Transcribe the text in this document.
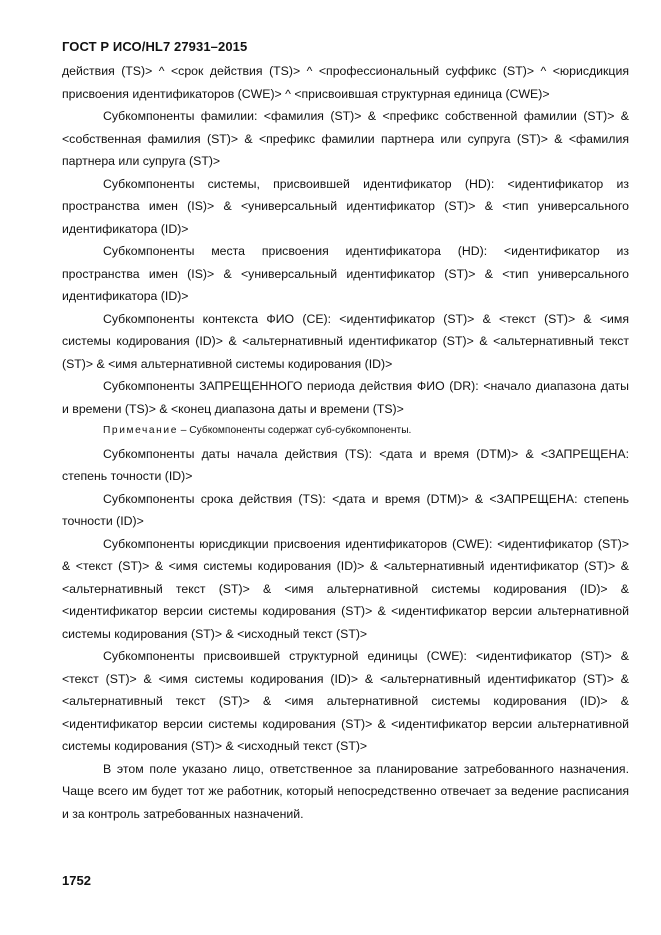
ГОСТ Р ИСО/HL7 27931–2015

действия (TS)> ^ <срок действия (TS)> ^ <профессиональный суффикс (ST)> ^ <юрисдикция присвоения идентификаторов (CWE)> ^ <присвоившая структурная единица (CWE)>

Субкомпоненты фамилии: <фамилия (ST)> & <префикс собственной фамилии (ST)> & <собственная фамилия (ST)> & <префикс фамилии партнера или супруга (ST)> & <фамилия партнера или супруга (ST)>

Субкомпоненты системы, присвоившей идентификатор (HD): <идентификатор из пространства имен (IS)> & <универсальный идентификатор (ST)> & <тип универсального идентификатора (ID)>

Субкомпоненты места присвоения идентификатора (HD): <идентификатор из пространства имен (IS)> & <универсальный идентификатор (ST)> & <тип универсального идентификатора (ID)>

Субкомпоненты контекста ФИО (CE): <идентификатор (ST)> & <текст (ST)> & <имя системы кодирования (ID)> & <альтернативный идентификатор (ST)> & <альтернативный текст (ST)> & <имя альтернативной системы кодирования (ID)>

Субкомпоненты ЗАПРЕЩЕННОГО периода действия ФИО (DR): <начало диапазона даты и времени (TS)> & <конец диапазона даты и времени (TS)>

Примечание – Субкомпоненты содержат суб-субкомпоненты.

Субкомпоненты даты начала действия (TS): <дата и время (DTM)> & <ЗАПРЕЩЕНА: степень точности (ID)>

Субкомпоненты срока действия (TS): <дата и время (DTM)> & <ЗАПРЕЩЕНА: степень точности (ID)>

Субкомпоненты юрисдикции присвоения идентификаторов (CWE): <идентификатор (ST)> & <текст (ST)> & <имя системы кодирования (ID)> & <альтернативный идентификатор (ST)> & <альтернативный текст (ST)> & <имя альтернативной системы кодирования (ID)> & <идентификатор версии системы кодирования (ST)> & <идентификатор версии альтернативной системы кодирования (ST)> & <исходный текст (ST)>

Субкомпоненты присвоившей структурной единицы (CWE): <идентификатор (ST)> & <текст (ST)> & <имя системы кодирования (ID)> & <альтернативный идентификатор (ST)> & <альтернативный текст (ST)> & <имя альтернативной системы кодирования (ID)> & <идентификатор версии системы кодирования (ST)> & <идентификатор версии альтернативной системы кодирования (ST)> & <исходный текст (ST)>

В этом поле указано лицо, ответственное за планирование затребованного назначения. Чаще всего им будет тот же работник, который непосредственно отвечает за ведение расписания и за контроль затребованных назначений.

1752
